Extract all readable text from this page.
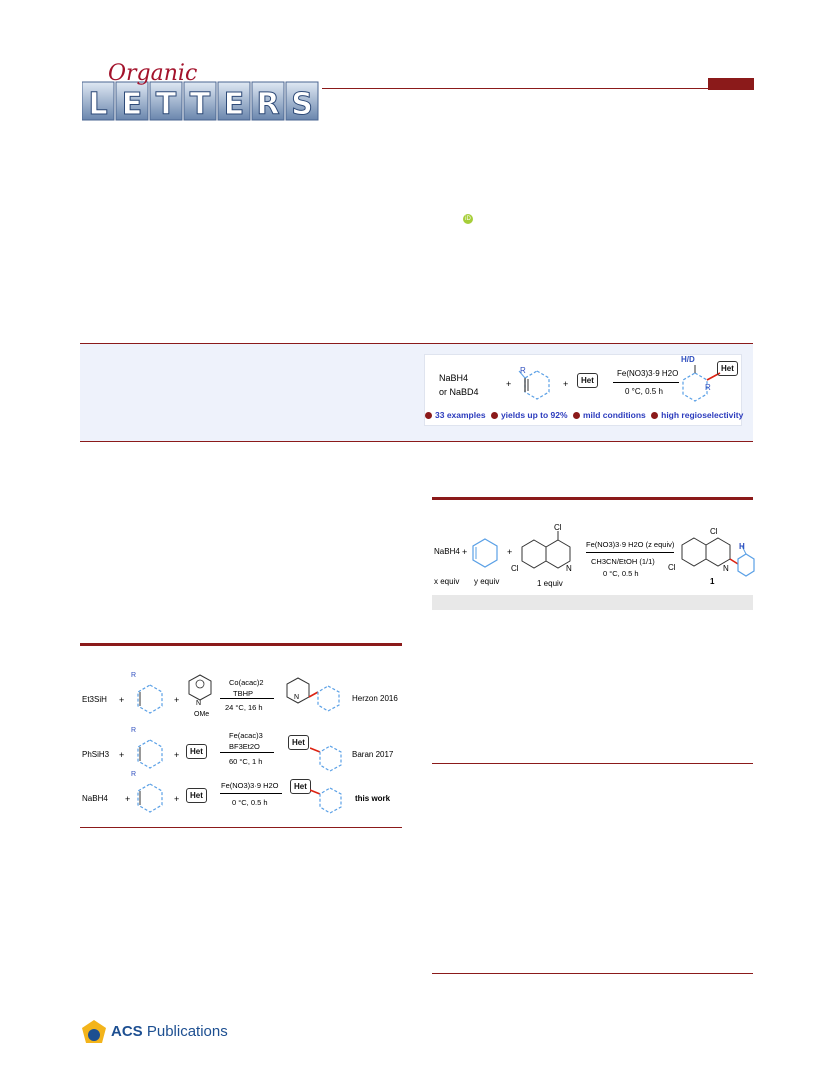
L E T T E R S
Organic
iD
NaBH4
or NaBD4
+
R
+	Het
Fe(NO3)3·9 H2O
0 °C, 0.5 h
H/D
Het
R
33 examples yields up to 92% mild conditions high regioselectivity
NaBH4 +	+
Cl
Cl	N
x equiv y equiv	1 equiv
Fe(NO3)3·9 H2O (z equiv)
CH3CN/EtOH (1/1)
0 °C, 0.5 h
Cl
Cl	N
H
1
Et3SiH +
R
+ N
OMe
Co(acac)2
TBHP
24 °C, 16 h
N	Herzon 2016
PhSiH3 +
R
+	Het
Fe(acac)3
BF3Et2O
60 °C, 1 h
Het
Baran 2017
NaBH4 +
R
+	Het
Fe(NO3)3·9 H2O
0 °C, 0.5 h
Het
this work
ACS Publications
